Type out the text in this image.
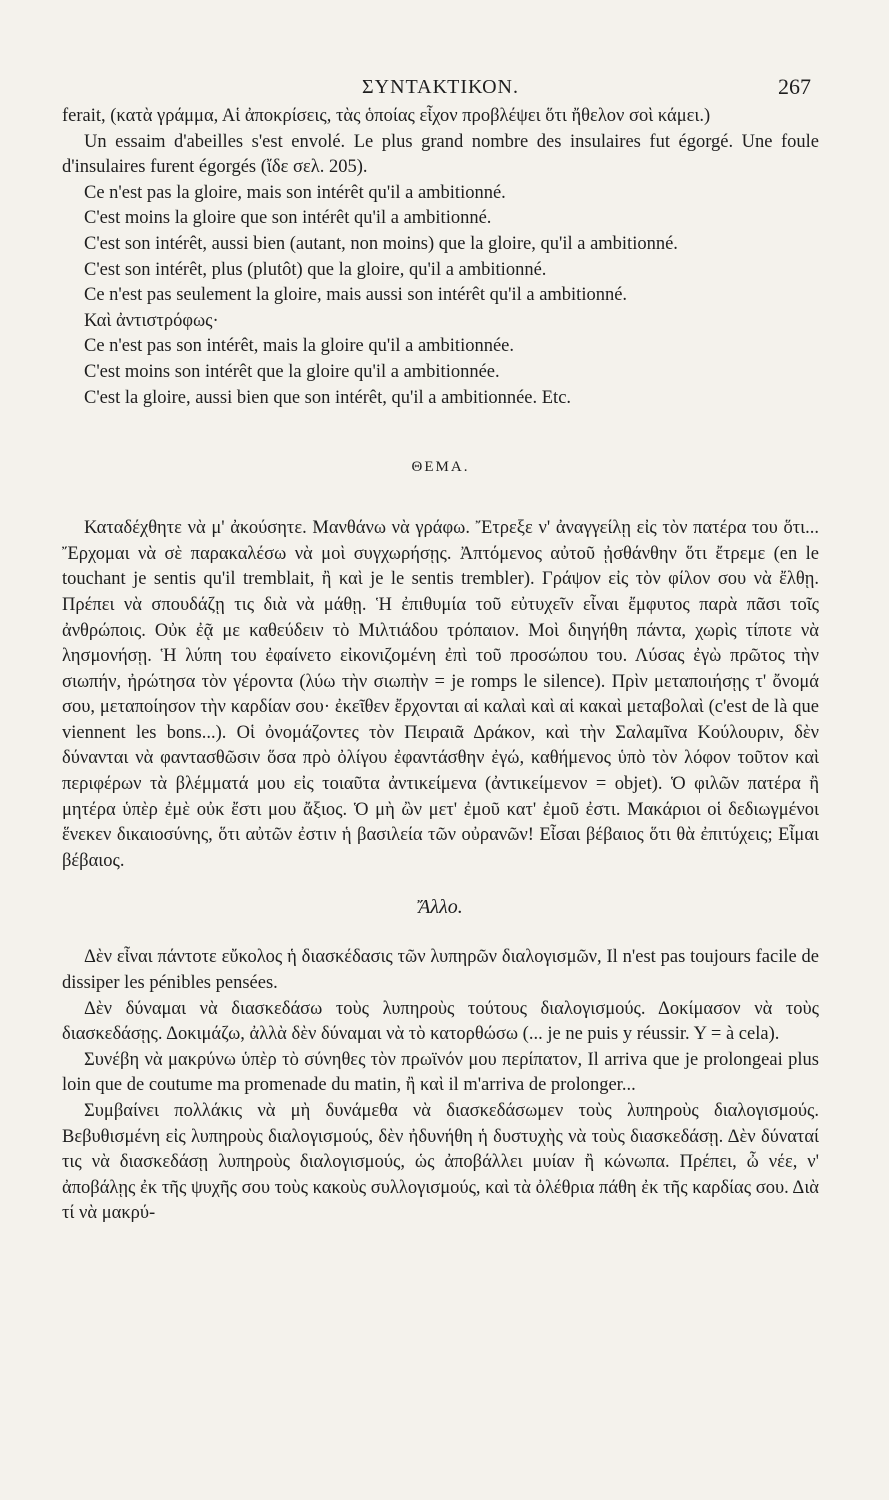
ΣΥΝΤΑΚΤΙΚΟΝ.	267

ferait, (κατὰ γράμμα, Αἱ ἀποκρίσεις, τὰς ὁποίας εἶχον προβλέψει ὅτι ἤθελον σοὶ κάμει.)

Un essaim d'abeilles s'est envolé. Le plus grand nombre des insulaires fut égorgé. Une foule d'insulaires furent égorgés (ἴδε σελ. 205).

Ce n'est pas la gloire, mais son intérêt qu'il a ambitionné.

C'est moins la gloire que son intérêt qu'il a ambitionné.

C'est son intérêt, aussi bien (autant, non moins) que la gloire, qu'il a ambitionné.

C'est son intérêt, plus (plutôt) que la gloire, qu'il a ambitionné.

Ce n'est pas seulement la gloire, mais aussi son intérêt qu'il a ambitionné.

Καὶ ἀντιστρόφως·

Ce n'est pas son intérêt, mais la gloire qu'il a ambitionnée.

C'est moins son intérêt que la gloire qu'il a ambitionnée.

C'est la gloire, aussi bien que son intérêt, qu'il a ambitionnée. Etc.

ΘΕΜΑ.

Καταδέχθητε νὰ μ' ἀκούσητε. Μανθάνω νὰ γράφω. Ἔτρεξε ν' ἀναγγείλῃ εἰς τὸν πατέρα του ὅτι... Ἔρχομαι νὰ σὲ παρακαλέσω νὰ μοὶ συγχωρήσῃς. Ἀπτόμενος αὐτοῦ ᾐσθάνθην ὅτι ἔτρεμε (en le touchant je sentis qu'il tremblait, ἢ καὶ je le sentis trembler). Γράψον εἰς τὸν φίλον σου νὰ ἔλθῃ. Πρέπει νὰ σπουδάζῃ τις διὰ νὰ μάθῃ. Ἡ ἐπιθυμία τοῦ εὐτυχεῖν εἶναι ἔμφυτος παρὰ πᾶσι τοῖς ἀνθρώποις. Οὐκ ἐᾷ με καθεύδειν τὸ Μιλτιάδου τρόπαιον. Μοὶ διηγήθη πάντα, χωρὶς τίποτε νὰ λησμονήσῃ. Ἡ λύπη του ἐφαίνετο εἰκονιζομένη ἐπὶ τοῦ προσώπου του. Λύσας ἐγὼ πρῶτος τὴν σιωπήν, ἠρώτησα τὸν γέροντα (λύω τὴν σιωπὴν = je romps le silence). Πρὶν μεταποιήσῃς τ' ὄνομά σου, μεταποίησον τὴν καρδίαν σου· ἐκεῖθεν ἔρχονται αἱ καλαὶ καὶ αἱ κακαὶ μεταβολαὶ (c'est de là que viennent les bons...). Οἱ ὀνομάζοντες τὸν Πειραιᾶ Δράκον, καὶ τὴν Σαλαμῖνα Κούλουριν, δὲν δύνανται νὰ φαντασθῶσιν ὅσα πρὸ ὀλίγου ἐφαντάσθην ἐγώ, καθήμενος ὑπὸ τὸν λόφον τοῦτον καὶ περιφέρων τὰ βλέμματά μου εἰς τοιαῦτα ἀντικείμενα (ἀντικείμενον = objet). Ὁ φιλῶν πατέρα ἢ μητέρα ὑπὲρ ἐμὲ οὐκ ἔστι μου ἄξιος. Ὁ μὴ ὢν μετ' ἐμοῦ κατ' ἐμοῦ ἐστι. Μακάριοι οἱ δεδιωγμένοι ἕνεκεν δικαιοσύνης, ὅτι αὐτῶν ἐστιν ἡ βασιλεία τῶν οὐρανῶν! Εἶσαι βέβαιος ὅτι θὰ ἐπιτύχεις; Εἶμαι βέβαιος.

Ἄλλο.

Δὲν εἶναι πάντοτε εὔκολος ἡ διασκέδασις τῶν λυπηρῶν διαλογισμῶν, Il n'est pas toujours facile de dissiper les pénibles pensées.

Δὲν δύναμαι νὰ διασκεδάσω τοὺς λυπηροὺς τούτους διαλογισμούς. Δοκίμασον νὰ τοὺς διασκεδάσῃς. Δοκιμάζω, ἀλλὰ δὲν δύναμαι νὰ τὸ κατορθώσω (... je ne puis y réussir. Y = à cela).

Συνέβη νὰ μακρύνω ὑπὲρ τὸ σύνηθες τὸν πρωϊνόν μου περίπατον, Il arriva que je prolongeai plus loin que de coutume ma promenade du matin, ἢ καὶ il m'arriva de prolonger...

Συμβαίνει πολλάκις νὰ μὴ δυνάμεθα νὰ διασκεδάσωμεν τοὺς λυπηροὺς διαλογισμούς. Βεβυθισμένη εἰς λυπηροὺς διαλογισμούς, δὲν ἠδυνήθη ἡ δυστυχὴς νὰ τοὺς διασκεδάσῃ. Δὲν δύναταί τις νὰ διασκεδάσῃ λυπηροὺς διαλογισμούς, ὡς ἀποβάλλει μυίαν ἢ κώνωπα. Πρέπει, ὦ νέε, ν' ἀποβάλῃς ἐκ τῆς ψυχῆς σου τοὺς κακοὺς συλλογισμούς, καὶ τὰ ὀλέθρια πάθη ἐκ τῆς καρδίας σου. Διὰ τί νὰ μακρύ-
